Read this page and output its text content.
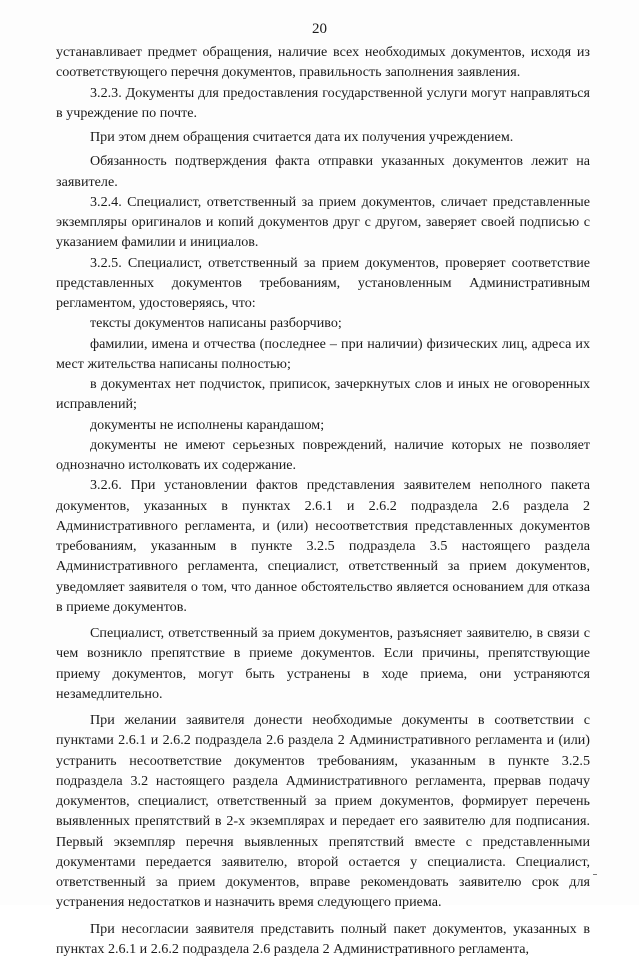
20

устанавливает предмет обращения, наличие всех необходимых документов, исходя из соответствующего перечня документов, правильность заполнения заявления.

3.2.3. Документы для предоставления государственной услуги могут направляться в учреждение по почте.

При этом днем обращения считается дата их получения учреждением.

Обязанность подтверждения факта отправки указанных документов лежит на заявителе.

3.2.4. Специалист, ответственный за прием документов, сличает представленные экземпляры оригиналов и копий документов друг с другом, заверяет своей подписью с указанием фамилии и инициалов.

3.2.5. Специалист, ответственный за прием документов, проверяет соответствие представленных документов требованиям, установленным Административным регламентом, удостоверяясь, что:

тексты документов написаны разборчиво;

фамилии, имена и отчества (последнее – при наличии) физических лиц, адреса их мест жительства написаны полностью;

в документах нет подчисток, приписок, зачеркнутых слов и иных не оговоренных исправлений;

документы не исполнены карандашом;

документы не имеют серьезных повреждений, наличие которых не позволяет однозначно истолковать их содержание.

3.2.6. При установлении фактов представления заявителем неполного пакета документов, указанных в пунктах 2.6.1 и 2.6.2 подраздела 2.6 раздела 2 Административного регламента, и (или) несоответствия представленных документов требованиям, указанным в пункте 3.2.5 подраздела 3.5 настоящего раздела Административного регламента, специалист, ответственный за прием документов, уведомляет заявителя о том, что данное обстоятельство является основанием для отказа в приеме документов.

Специалист, ответственный за прием документов, разъясняет заявителю, в связи с чем возникло препятствие в приеме документов. Если причины, препятствующие приему документов, могут быть устранены в ходе приема, они устраняются незамедлительно.

При желании заявителя донести необходимые документы в соответствии с пунктами 2.6.1 и 2.6.2 подраздела 2.6 раздела 2 Административного регламента и (или) устранить несоответствие документов требованиям, указанным в пункте 3.2.5 подраздела 3.2 настоящего раздела Административного регламента, прервав подачу документов, специалист, ответственный за прием документов, формирует перечень выявленных препятствий в 2-х экземплярах и передает его заявителю для подписания. Первый экземпляр перечня выявленных препятствий вместе с представленными документами передается заявителю, второй остается у специалиста. Специалист, ответственный за прием документов, вправе рекомендовать заявителю срок для устранения недостатков и назначить время следующего приема.

При несогласии заявителя представить полный пакет документов, указанных в пунктах 2.6.1 и 2.6.2 подраздела 2.6 раздела 2 Административного регламента,
